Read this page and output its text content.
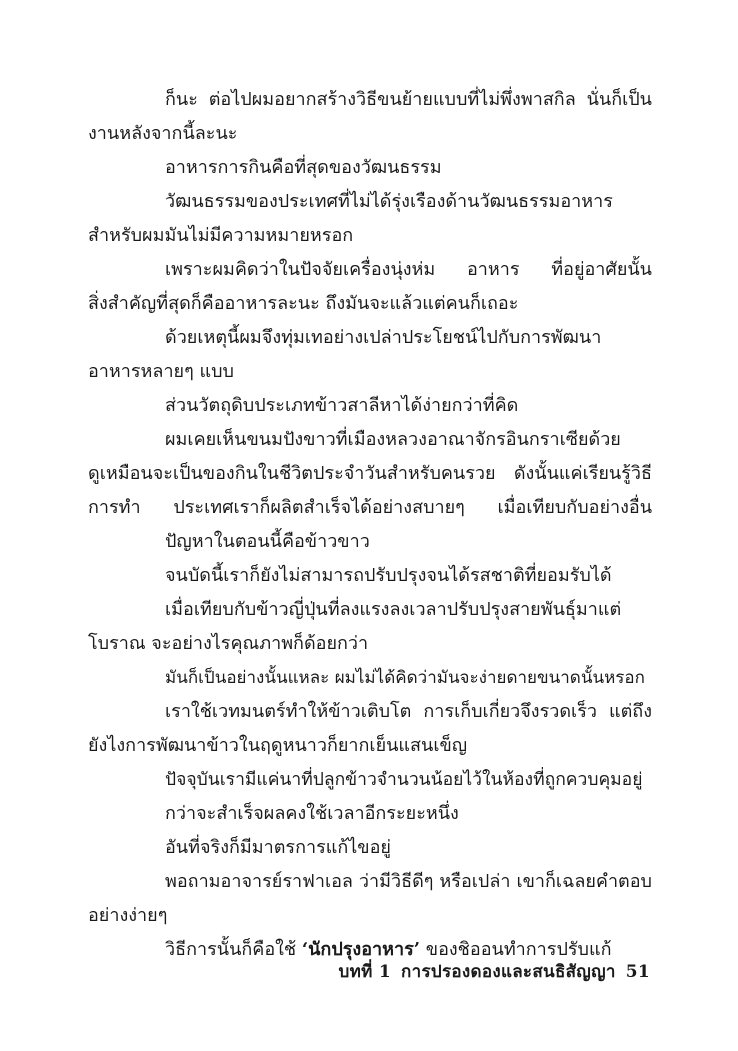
ก็นะ ต่อไปผมอยากสร้างวิธีขนย้ายแบบที่ไม่พึ่งพาสกิล นั่นก็เป็น
งานหลังจากนี้ละนะ
อาหารการกินคือที่สุดของวัฒนธรรม
วัฒนธรรมของประเทศที่ไม่ได้รุ่งเรืองด้านวัฒนธรรมอาหาร
สำหรับผมมันไม่มีความหมายหรอก
เพราะผมคิดว่าในปัจจัยเครื่องนุ่งห่ม อาหาร ที่อยู่อาศัยนั้น
สิ่งสำคัญที่สุดก็คืออาหารละนะ ถึงมันจะแล้วแต่คนก็เถอะ
ด้วยเหตุนี้ผมจึงทุ่มเทอย่างเปล่าประโยชน์ไปกับการพัฒนา
อาหารหลายๆ แบบ
ส่วนวัตถุดิบประเภทข้าวสาลีหาได้ง่ายกว่าที่คิด
ผมเคยเห็นขนมปังขาวที่เมืองหลวงอาณาจักรอินกราเซียด้วย
ดูเหมือนจะเป็นของกินในชีวิตประจำวันสำหรับคนรวย ดังนั้นแค่เรียนรู้วิธี
การทำ ประเทศเราก็ผลิตสำเร็จได้อย่างสบายๆ เมื่อเทียบกับอย่างอื่น
ปัญหาในตอนนี้คือข้าวขาว
จนบัดนี้เราก็ยังไม่สามารถปรับปรุงจนได้รสชาติที่ยอมรับได้
เมื่อเทียบกับข้าวญี่ปุ่นที่ลงแรงลงเวลาปรับปรุงสายพันธุ์มาแต่
โบราณ จะอย่างไรคุณภาพก็ด้อยกว่า
มันก็เป็นอย่างนั้นแหละ ผมไม่ได้คิดว่ามันจะง่ายดายขนาดนั้นหรอก
เราใช้เวทมนตร์ทำให้ข้าวเติบโต การเก็บเกี่ยวจึงรวดเร็ว แต่ถึง
ยังไงการพัฒนาข้าวในฤดูหนาวก็ยากเย็นแสนเข็ญ
ปัจจุบันเรามีแค่นาที่ปลูกข้าวจำนวนน้อยไว้ในห้องที่ถูกควบคุมอยู่
กว่าจะสำเร็จผลคงใช้เวลาอีกระยะหนึ่ง
อันที่จริงก็มีมาตรการแก้ไขอยู่
พอถามอาจารย์ราฟาเอล ว่ามีวิธีดีๆ หรือเปล่า เขาก็เฉลยคำตอบ
อย่างง่ายๆ
วิธีการนั้นก็คือใช้ ‘นักปรุงอาหาร’ ของชิออนทำการปรับแก้
บทที่ 1 การปรองดองและสนธิสัญญา 51
